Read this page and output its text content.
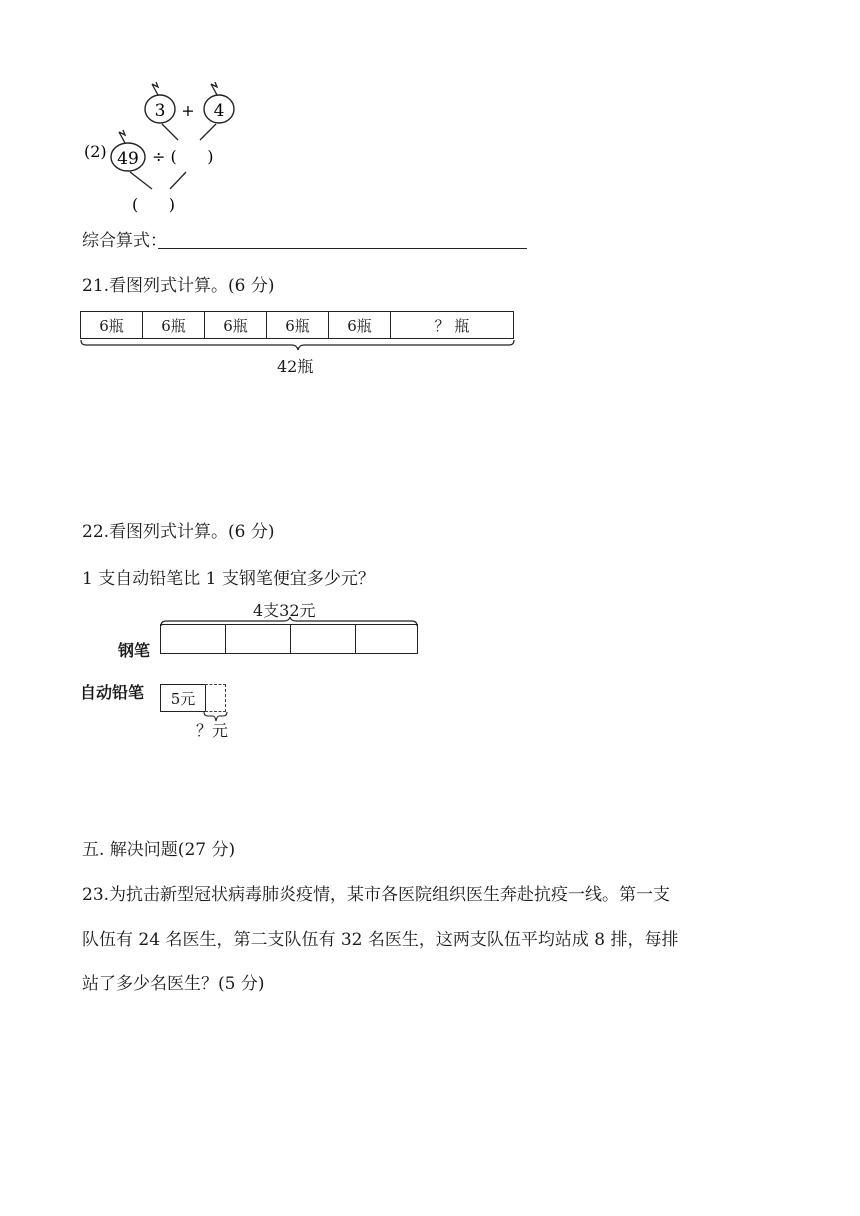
3 + 4
(2) 49 ÷ (      )
(      )
综合算式：
21.看图列式计算。(6 分)
6瓶	6瓶	6瓶	6瓶	6瓶	？ 瓶
42瓶
22.看图列式计算。(6 分)
1 支自动铅笔比 1 支钢笔便宜多少元？
4支32元
钢笔
自动铅笔	5元
？元
五. 解决问题(27 分)
23.为抗击新型冠状病毒肺炎疫情，某市各医院组织医生奔赴抗疫一线。第一支
队伍有 24 名医生，第二支队伍有 32 名医生，这两支队伍平均站成 8 排，每排
站了多少名医生？(5 分)
